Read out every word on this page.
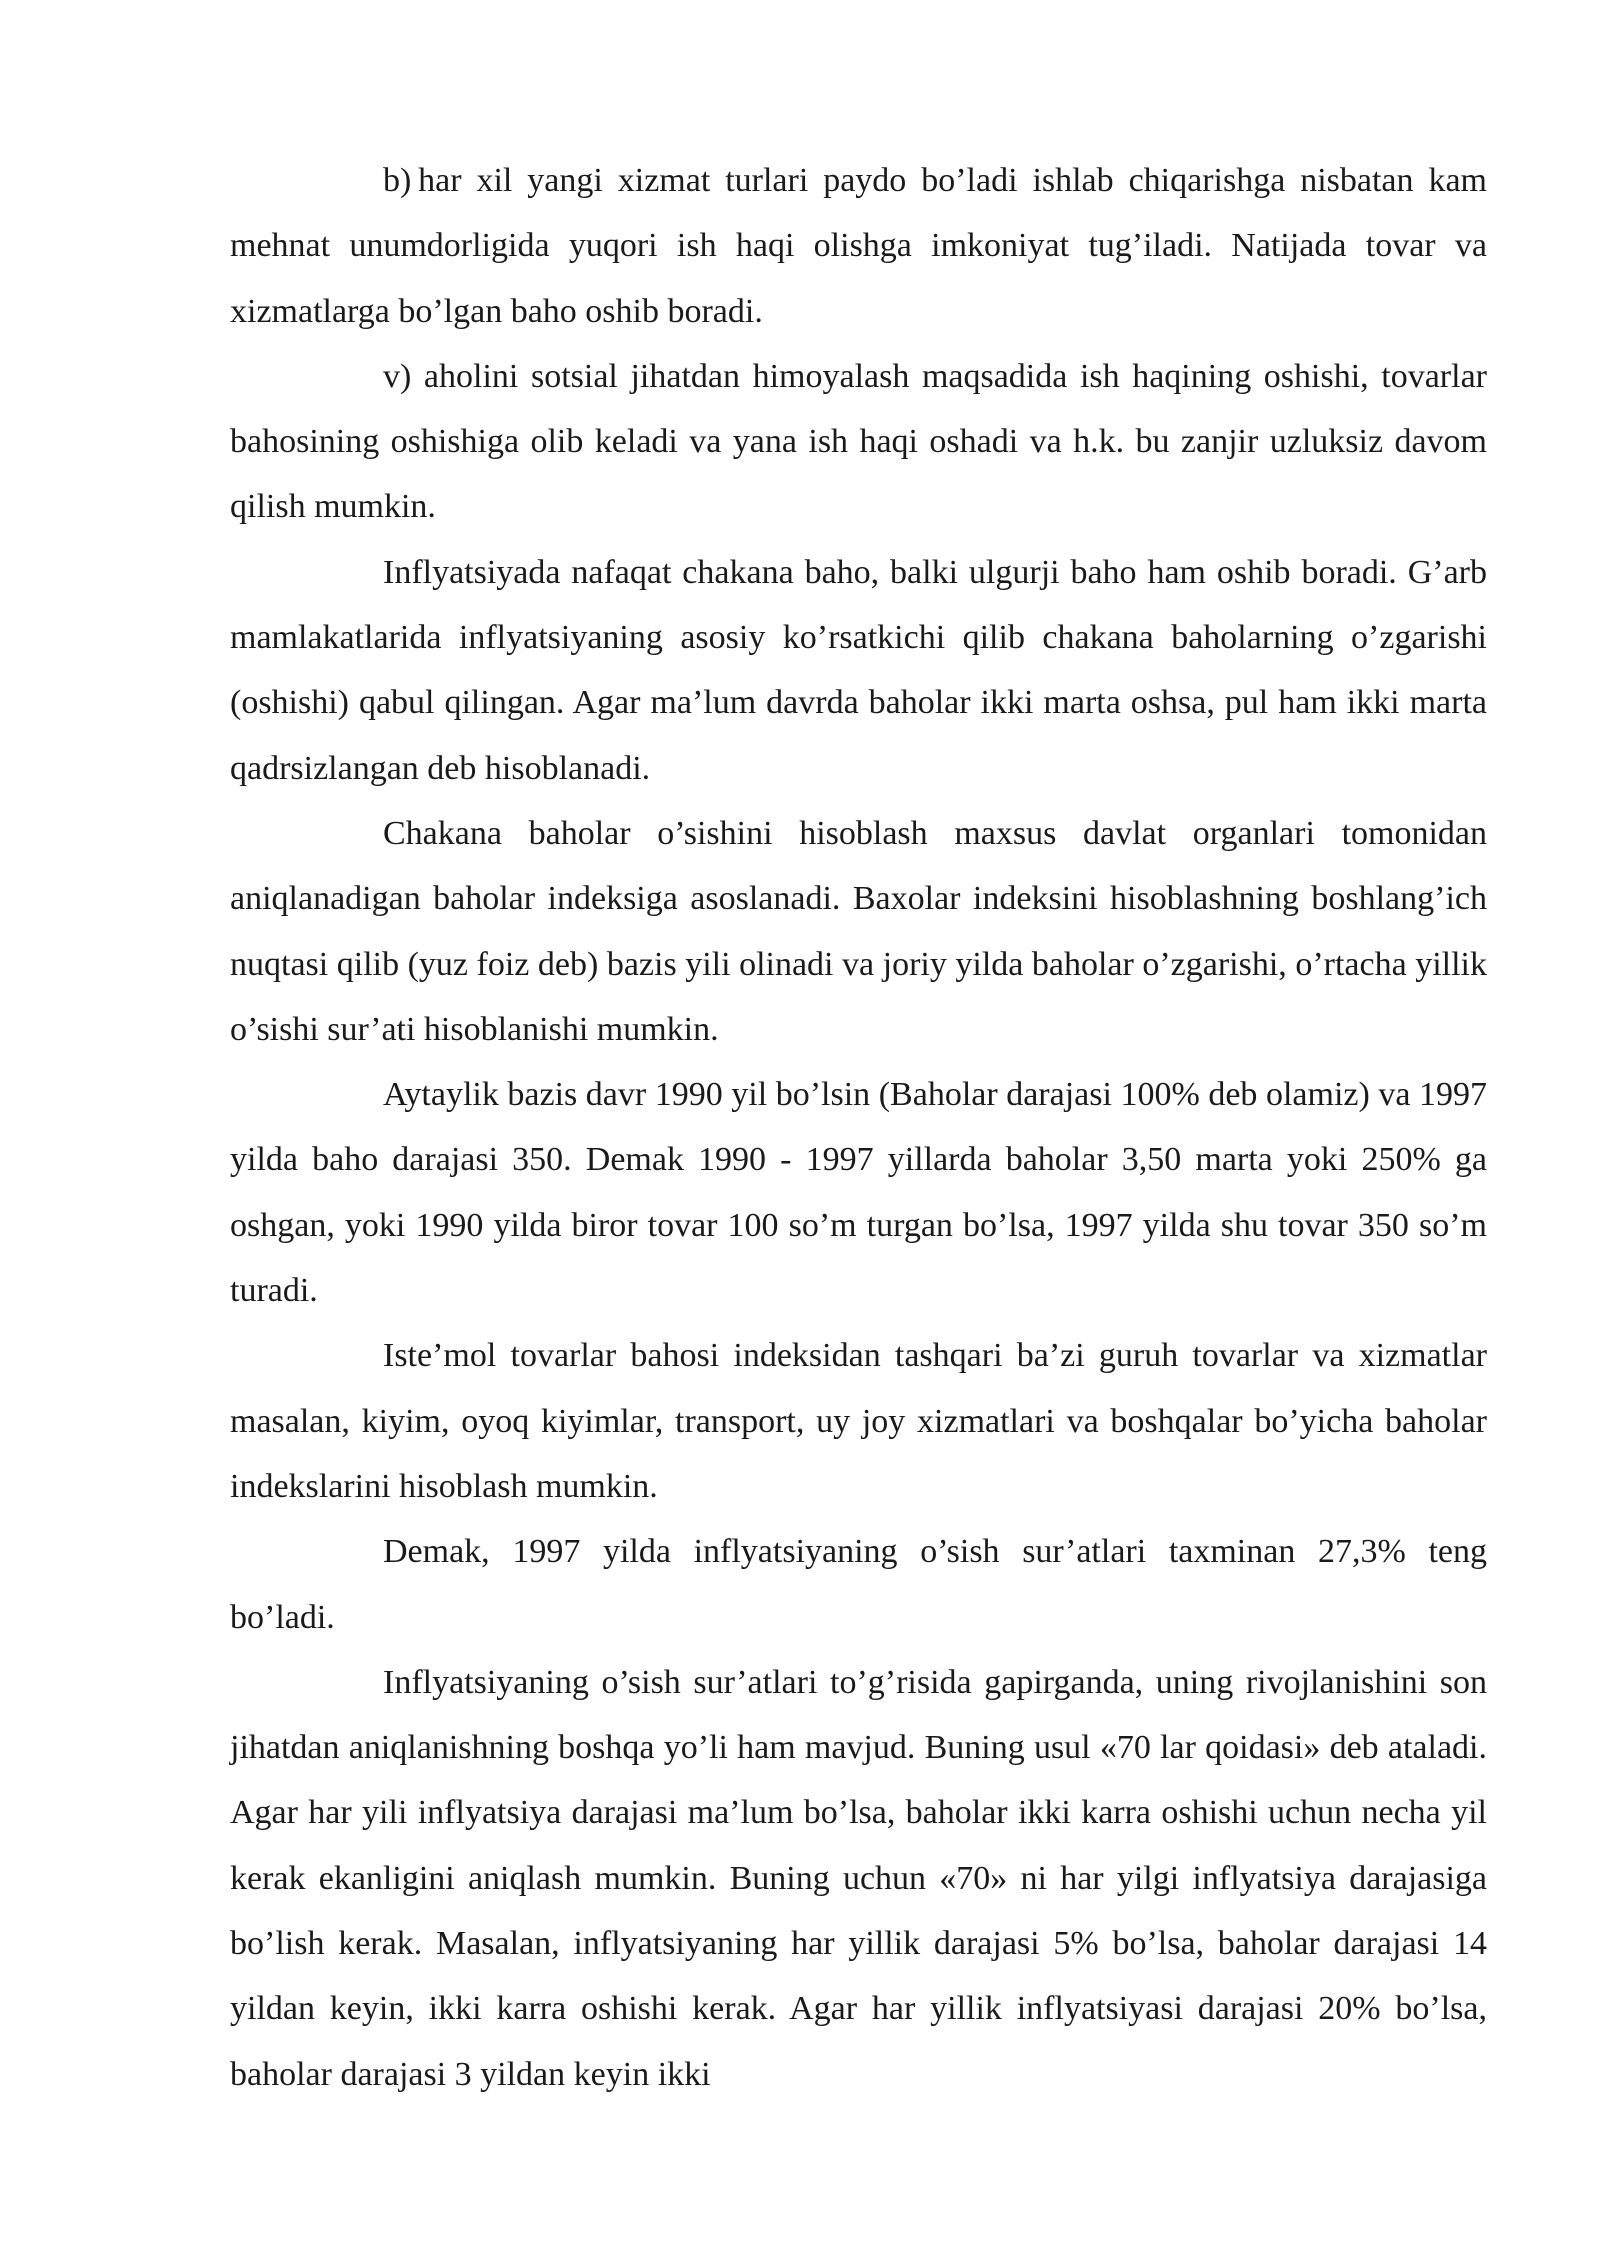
b) har xil yangi xizmat turlari paydo bo’ladi ishlab chiqarishga nisbatan kam mehnat unumdorligida yuqori ish haqi olishga imkoniyat tug’iladi. Natijada tovar va xizmatlarga bo’lgan baho oshib boradi.

v) aholini sotsial jihatdan himoyalash maqsadida ish haqining oshishi, tovarlar bahosining oshishiga olib keladi va yana ish haqi oshadi va h.k. bu zanjir uzluksiz davom qilish mumkin.

Inflyatsiyada nafaqat chakana baho, balki ulgurji baho ham oshib boradi. G’arb mamlakatlarida inflyatsiyaning asosiy ko’rsatkichi qilib chakana baholarning o’zgarishi (oshishi) qabul qilingan. Agar ma’lum davrda baholar ikki marta oshsa, pul ham ikki marta qadrsizlangan deb hisoblanadi.

Chakana baholar o’sishini hisoblash maxsus davlat organlari tomonidan aniqlanadigan baholar indeksiga asoslanadi. Baxolar indeksini hisoblashning boshlang’ich nuqtasi qilib (yuz foiz deb) bazis yili olinadi va joriy yilda baholar o’zgarishi, o’rtacha yillik o’sishi sur’ati hisoblanishi mumkin.

Aytaylik bazis davr 1990 yil bo’lsin (Baholar darajasi 100% deb olamiz) va 1997 yilda baho darajasi 350. Demak 1990 - 1997 yillarda baholar 3,50 marta yoki 250% ga oshgan, yoki 1990 yilda biror tovar 100 so’m turgan bo’lsa, 1997 yilda shu tovar 350 so’m turadi.

Iste’mol tovarlar bahosi indeksidan tashqari ba’zi guruh tovarlar va xizmatlar masalan, kiyim, oyoq kiyimlar, transport, uy joy xizmatlari va boshqalar bo’yicha baholar indekslarini hisoblash mumkin.

Demak, 1997 yilda inflyatsiyaning o’sish sur’atlari taxminan 27,3% teng bo’ladi.

Inflyatsiyaning o’sish sur’atlari to’g’risida gapirganda, uning rivojlanishini son jihatdan aniqlanishning boshqa yo’li ham mavjud. Buning usul «70 lar qoidasi» deb ataladi. Agar har yili inflyatsiya darajasi ma’lum bo’lsa, baholar ikki karra oshishi uchun necha yil kerak ekanligini aniqlash mumkin. Buning uchun «70» ni har yilgi inflyatsiya darajasiga bo’lish kerak. Masalan, inflyatsiyaning har yillik darajasi 5% bo’lsa, baholar darajasi 14 yildan keyin, ikki karra oshishi kerak. Agar har yillik inflyatsiyasi darajasi 20% bo’lsa, baholar darajasi 3 yildan keyin ikki
